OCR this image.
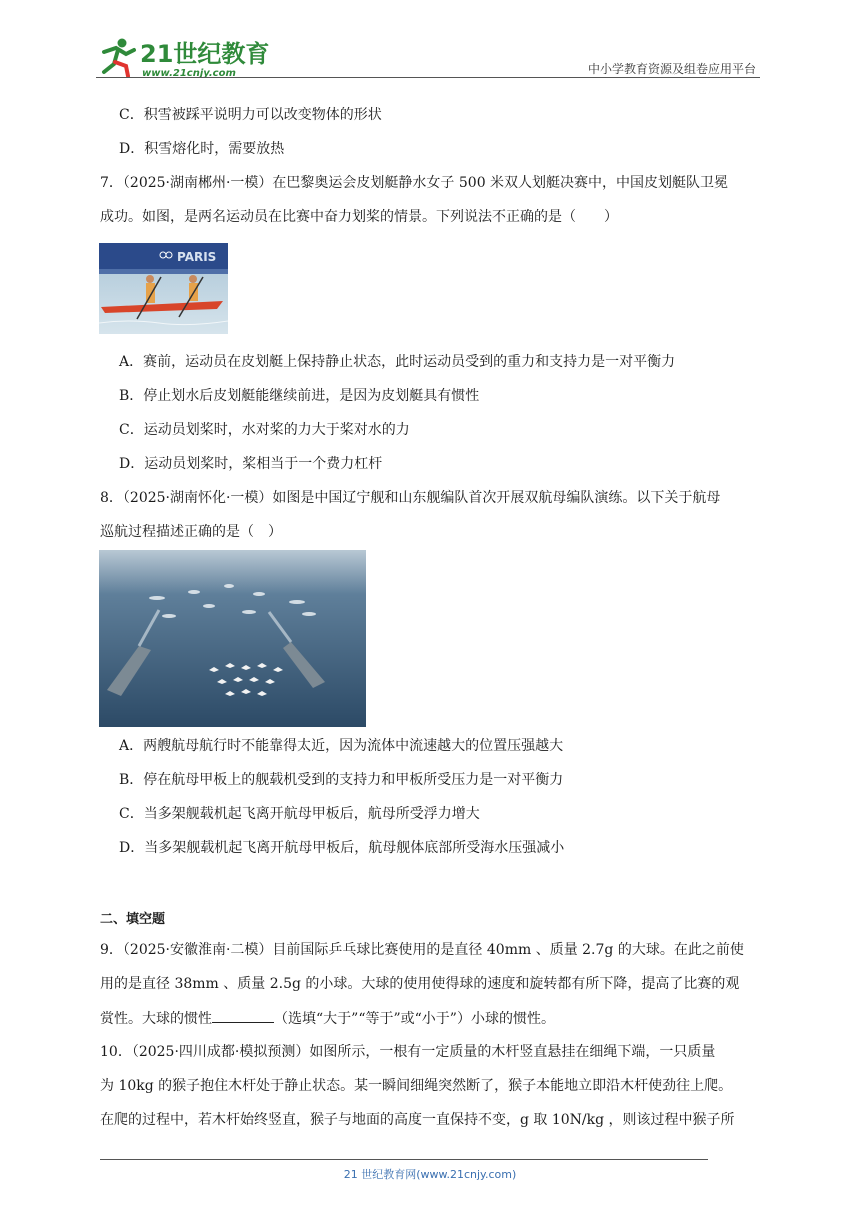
21世纪教育
www.21cnjy.com	中小学教育资源及组卷应用平台
C．积雪被踩平说明力可以改变物体的形状
D．积雪熔化时，需要放热
7．（2025·湖南郴州·一模）在巴黎奥运会皮划艇静水女子 500 米双人划艇决赛中，中国皮划艇队卫冕
成功。如图，是两名运动员在比赛中奋力划桨的情景。下列说法不正确的是（　　）
PARIS
A．赛前，运动员在皮划艇上保持静止状态，此时运动员受到的重力和支持力是一对平衡力
B．停止划水后皮划艇能继续前进，是因为皮划艇具有惯性
C．运动员划桨时，水对桨的力大于桨对水的力
D．运动员划桨时，桨相当于一个费力杠杆
8．（2025·湖南怀化·一模）如图是中国辽宁舰和山东舰编队首次开展双航母编队演练。以下关于航母
巡航过程描述正确的是（　）
A．两艘航母航行时不能靠得太近，因为流体中流速越大的位置压强越大
B．停在航母甲板上的舰载机受到的支持力和甲板所受压力是一对平衡力
C．当多架舰载机起飞离开航母甲板后，航母所受浮力增大
D．当多架舰载机起飞离开航母甲板后，航母舰体底部所受海水压强减小
二、填空题
9．（2025·安徽淮南·二模）目前国际乒乓球比赛使用的是直径 40mm 、质量 2.7g 的大球。在此之前使
用的是直径 38mm 、质量 2.5g 的小球。大球的使用使得球的速度和旋转都有所下降，提高了比赛的观
赏性。大球的惯性	（选填“大于”“等于”或“小于”）小球的惯性。
10．（2025·四川成都·模拟预测）如图所示，一根有一定质量的木杆竖直悬挂在细绳下端，一只质量
为 10kg 的猴子抱住木杆处于静止状态。某一瞬间细绳突然断了，猴子本能地立即沿木杆使劲往上爬。
在爬的过程中，若木杆始终竖直，猴子与地面的高度一直保持不变，g 取 10N/kg ，则该过程中猴子所
21 世纪教育网(www.21cnjy.com)
